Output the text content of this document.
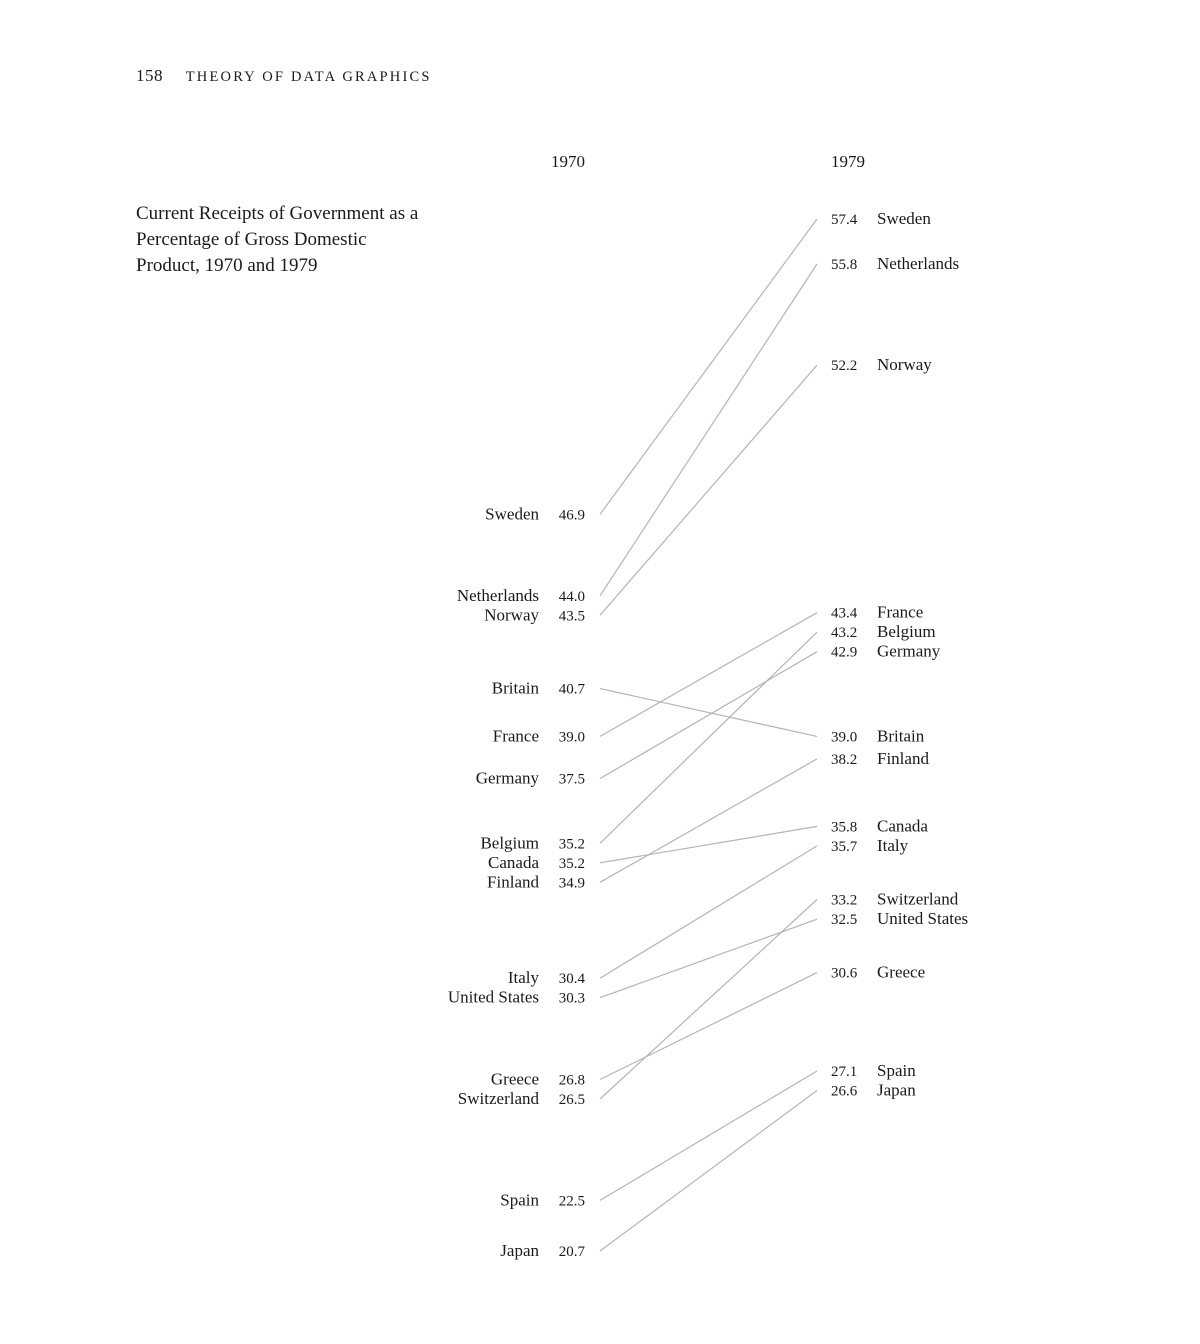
158 THEORY OF DATA GRAPHICS
Current Receipts of Government as a
Percentage of Gross Domestic
Product, 1970 and 1979
1970	1979
Sweden 46.9
Netherlands 44.0
Norway 43.5
Britain 40.7
France 39.0
Germany 37.5
Belgium 35.2
Canada 35.2
Finland 34.9
Italy 30.4
United States 30.3
Greece 26.8
Switzerland 26.5
Spain 22.5
Japan 20.7
57.4 Sweden
55.8 Netherlands
52.2 Norway
39.0 Britain
43.4 France
42.9 Germany
43.2 Belgium
35.8 Canada
38.2 Finland
35.7 Italy
32.5 United States
30.6 Greece
33.2 Switzerland
27.1 Spain
26.6 Japan
